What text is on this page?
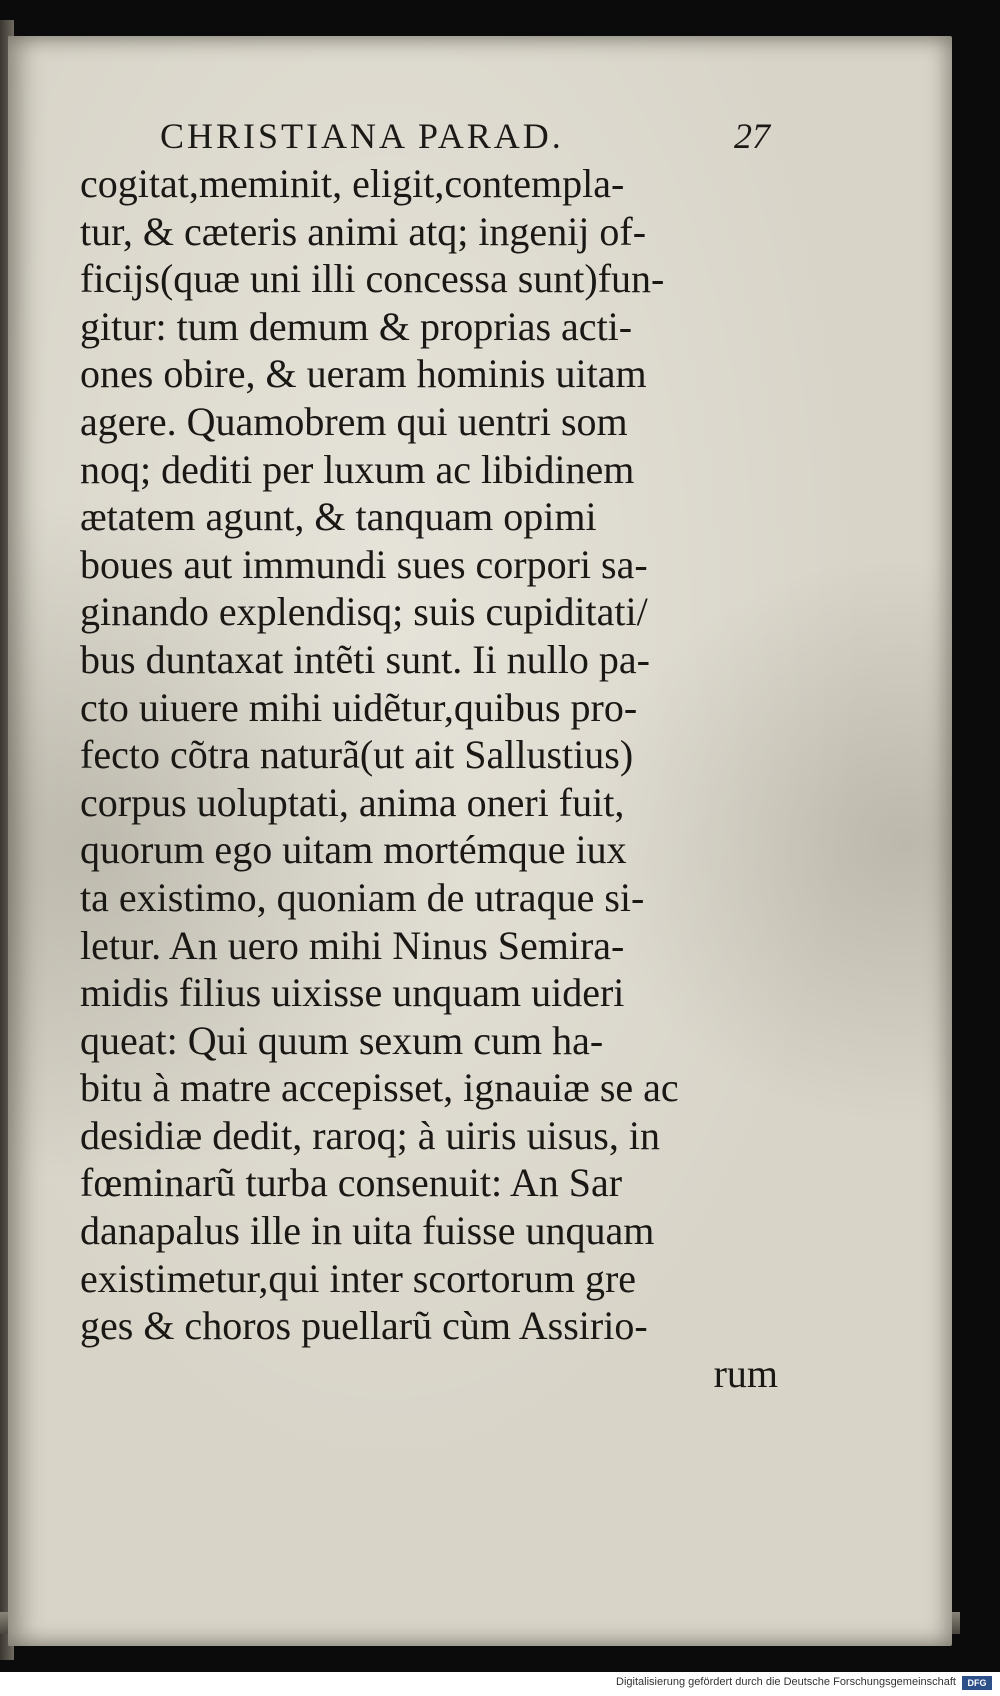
CHRISTIANA PARAD.	27
cogitat,meminit, eligit,contempla-
tur, & cæteris animi atq; ingenij of-
ficijs(quæ uni illi concessa sunt)fun-
gitur: tum demum & proprias acti-
ones obire, & ueram hominis uitam
agere. Quamobrem qui uentri som
noq; dediti per luxum ac libidinem
ætatem agunt, & tanquam opimi
boues aut immundi sues corpori sa-
ginando explendisq; suis cupiditati/
bus duntaxat intẽti sunt. Ii nullo pa-
cto uiuere mihi uidẽtur,quibus pro-
fecto cõtra naturã(ut ait Sallustius)
corpus uoluptati, anima oneri fuit,
quorum ego uitam mortémque iux
ta existimo, quoniam de utraque si-
letur. An uero mihi Ninus Semira-
midis filius uixisse unquam uideri
queat: Qui quum sexum cum ha-
bitu à matre accepisset, ignauiæ se ac
desidiæ dedit, raroq; à uiris uisus, in
fœminarũ turba consenuit: An Sar
danapalus ille in uita fuisse unquam
existimetur,qui inter scortorum gre
ges & choros puellarũ cùm Assirio-
rum
Digitalisierung gefördert durch die Deutsche Forschungsgemeinschaft	DFG
